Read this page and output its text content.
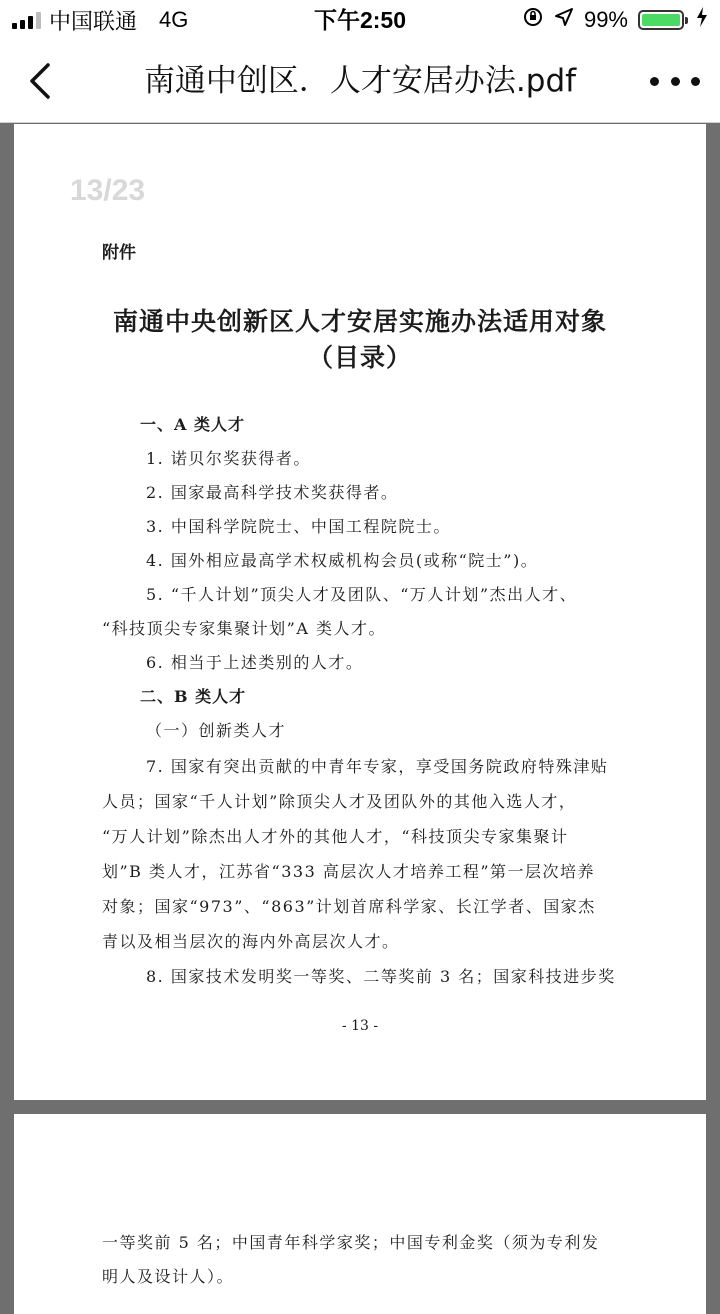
中国联通 4G	下午2:50	99%
南通中创区．人才安居办法.pdf
13/23
附件
南通中央创新区人才安居实施办法适用对象
（目录）
一、A 类人才
1. 诺贝尔奖获得者。
2. 国家最高科学技术奖获得者。
3. 中国科学院院士、中国工程院院士。
4. 国外相应最高学术权威机构会员(或称“院士”)。
5. “千人计划”顶尖人才及团队、“万人计划”杰出人才、
“科技顶尖专家集聚计划”A 类人才。
6. 相当于上述类别的人才。
二、B 类人才
（一）创新类人才
7. 国家有突出贡献的中青年专家，享受国务院政府特殊津贴
人员；国家“千人计划”除顶尖人才及团队外的其他入选人才，
“万人计划”除杰出人才外的其他人才，“科技顶尖专家集聚计
划”B 类人才，江苏省“333 高层次人才培养工程”第一层次培养
对象；国家“973”、“863”计划首席科学家、长江学者、国家杰
青以及相当层次的海内外高层次人才。
8. 国家技术发明奖一等奖、二等奖前 3 名；国家科技进步奖
- 13 -
一等奖前 5 名；中国青年科学家奖；中国专利金奖（须为专利发
明人及设计人）。
